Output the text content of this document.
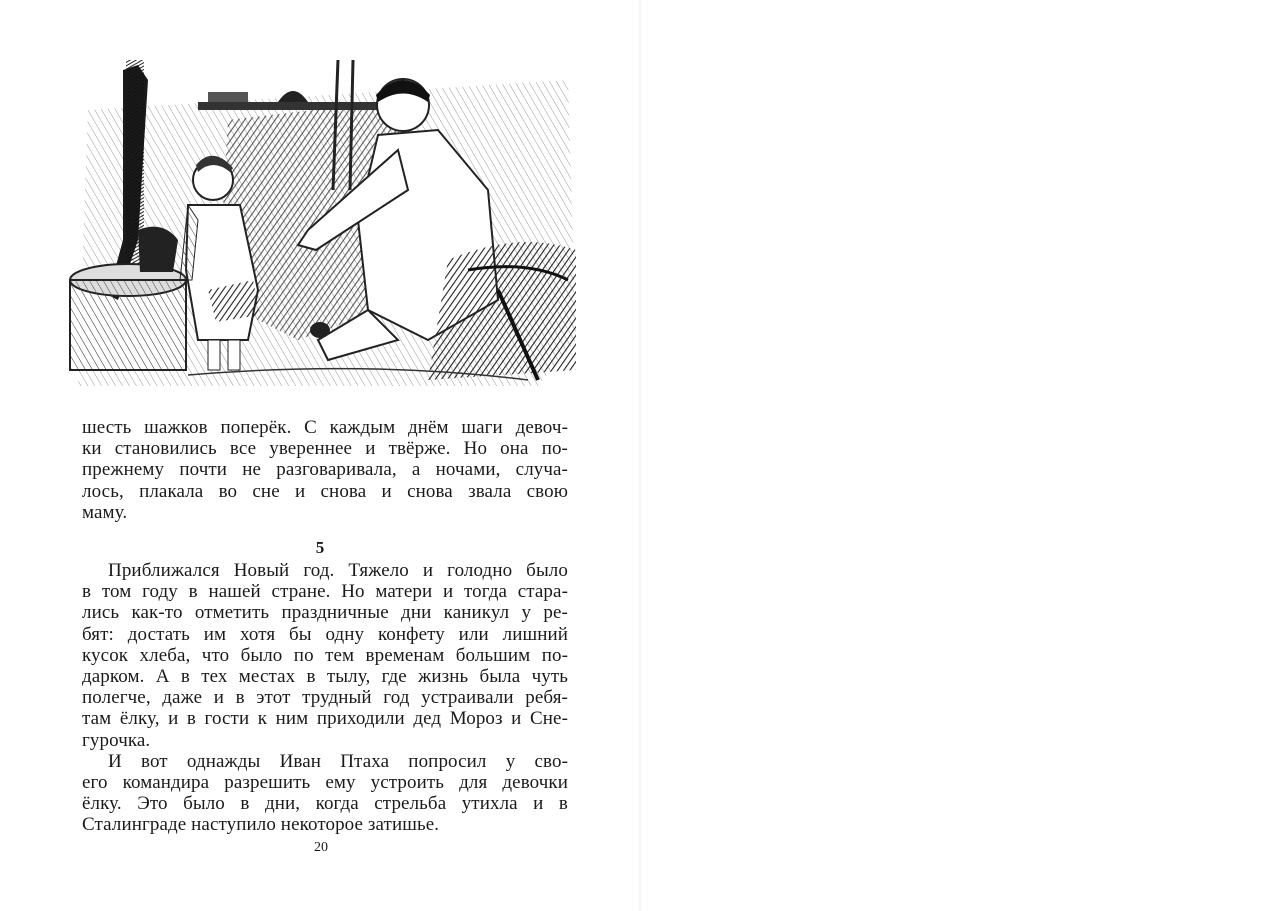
шесть шажков поперёк. С каждым днём шаги девоч-
ки становились все увереннее и твёрже. Но она по-
прежнему почти не разговаривала, а ночами, случа-
лось, плакала во сне и снова и снова звала свою
маму.
5
Приближался Новый год. Тяжело и голодно было
в том году в нашей стране. Но матери и тогда стара-
лись как-то отметить праздничные дни каникул у ре-
бят: достать им хотя бы одну конфету или лишний
кусок хлеба, что было по тем временам большим по-
дарком. А в тех местах в тылу, где жизнь была чуть
полегче, даже и в этот трудный год устраивали ребя-
там ёлку, и в гости к ним приходили дед Мороз и Сне-
гурочка.
И вот однажды Иван Птаха попросил у сво-
его командира разрешить ему устроить для девочки
ёлку. Это было в дни, когда стрельба утихла и в
Сталинграде наступило некоторое затишье.
20
